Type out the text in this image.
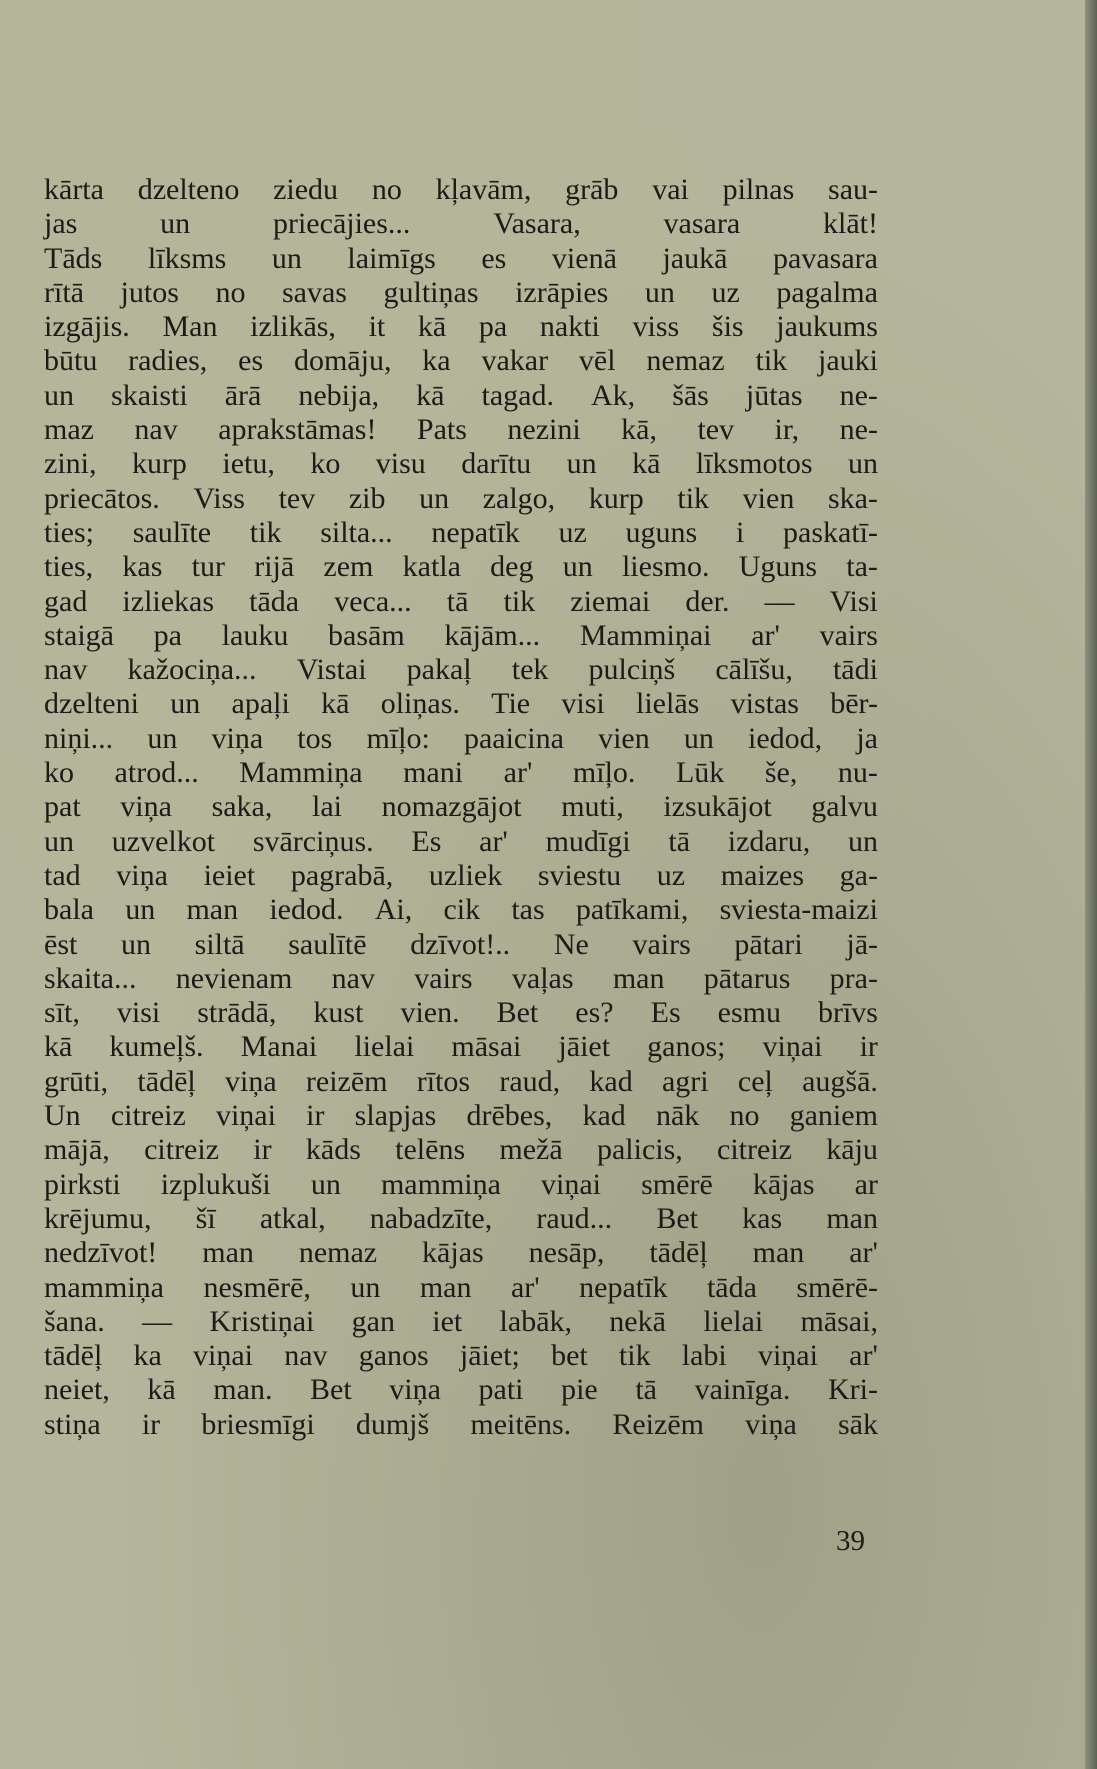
kārta dzelteno ziedu no kļavām, grāb vai pilnas sau-
jas	un	priecājies...	Vasara,	vasara	klāt!
Tāds līksms un laimīgs es vienā jaukā pavasara
rītā jutos no savas gultiņas izrāpies un uz pagalma
izgājis. Man izlikās, it kā pa nakti viss šis jaukums
būtu radies, es domāju, ka vakar vēl nemaz tik jauki
un skaisti ārā nebija, kā tagad. Ak, šās jūtas ne-
maz nav aprakstāmas! Pats nezini kā, tev ir, ne-
zini, kurp ietu, ko visu darītu un kā līksmotos un
priecātos. Viss tev zib un zalgo, kurp tik vien ska-
ties; saulīte tik silta... nepatīk uz uguns i paskatī-
ties, kas tur rijā zem katla deg un liesmo. Uguns ta-
gad izliekas tāda veca... tā tik ziemai der. — Visi
staigā pa lauku basām kājām... Mammiņai ar' vairs
nav kažociņa... Vistai pakaļ tek pulciņš cālīšu, tādi
dzelteni un apaļi kā oliņas. Tie visi lielās vistas bēr-
niņi... un viņa tos mīļo: paaicina vien un iedod, ja
ko atrod... Mammiņa mani ar' mīļo. Lūk še, nu-
pat viņa saka, lai nomazgājot muti, izsukājot galvu
un uzvelkot svārciņus. Es ar' mudīgi tā izdaru, un
tad viņa ieiet pagrabā, uzliek sviestu uz maizes ga-
bala un man iedod. Ai, cik tas patīkami, sviesta-maizi
ēst un siltā saulītē dzīvot!.. Ne vairs pātari jā-
skaita... nevienam nav vairs vaļas man pātarus pra-
sīt, visi strādā, kust vien. Bet es? Es esmu brīvs
kā kumeļš. Manai lielai māsai jāiet ganos; viņai ir
grūti, tādēļ viņa reizēm rītos raud, kad agri ceļ augšā.
Un citreiz viņai ir slapjas drēbes, kad nāk no ganiem
mājā, citreiz ir kāds telēns mežā palicis, citreiz kāju
pirksti izplukuši un mammiņa viņai smērē kājas ar
krējumu, šī atkal, nabadzīte, raud... Bet kas man
nedzīvot! man nemaz kājas nesāp, tādēļ man ar'
mammiņa nesmērē, un man ar' nepatīk tāda smērē-
šana. — Kristiņai gan iet labāk, nekā lielai māsai,
tādēļ ka viņai nav ganos jāiet; bet tik labi viņai ar'
neiet, kā man. Bet viņa pati pie tā vainīga. Kri-
stiņa ir briesmīgi dumjš meitēns. Reizēm viņa sāk
39
